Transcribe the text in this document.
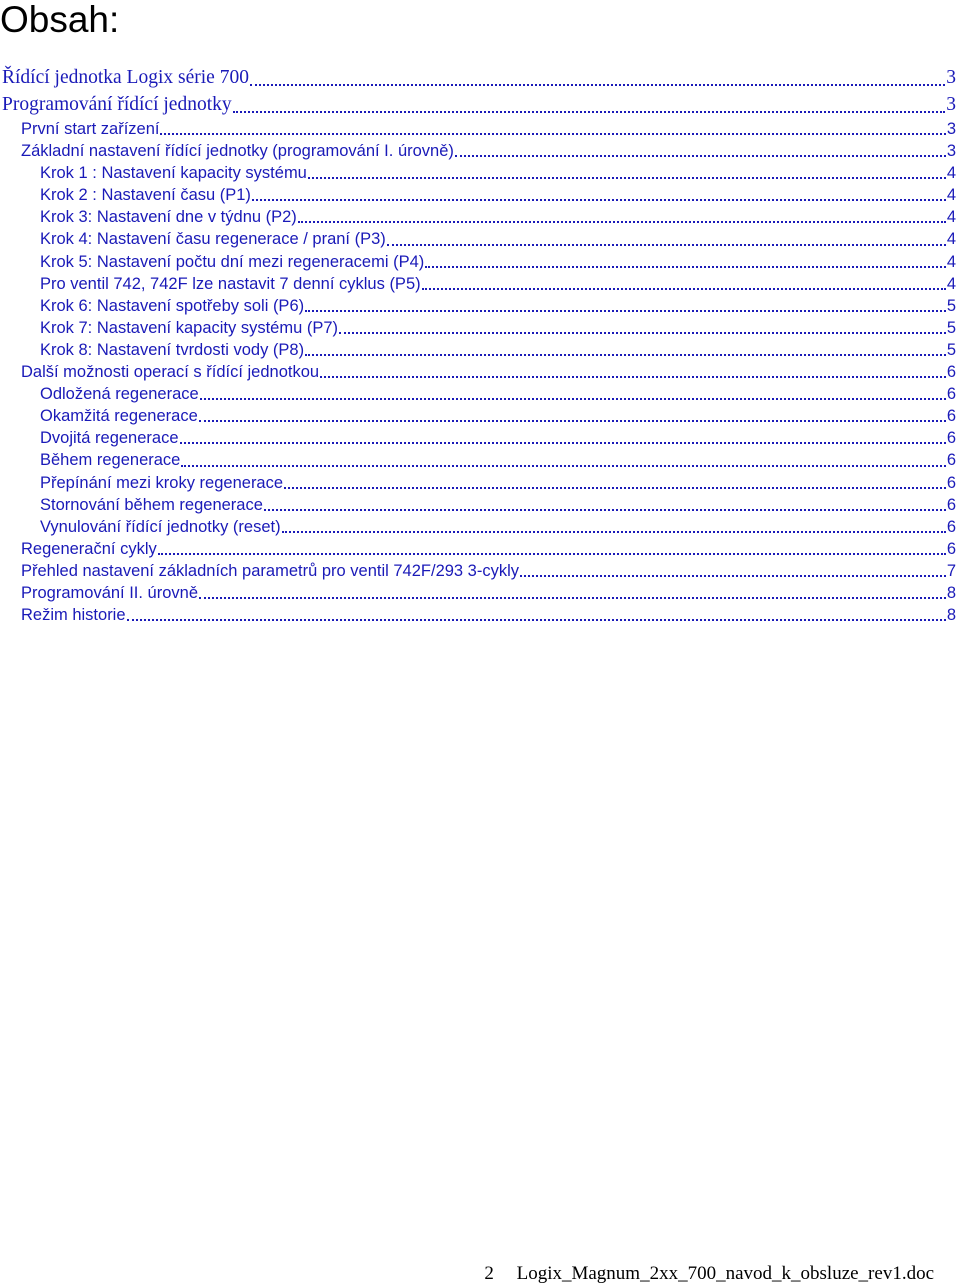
Obsah:
Řídící jednotka Logix série 700	3
Programování řídící jednotky	3
První start zařízení	3
Základní nastavení řídící jednotky (programování I. úrovně)	3
Krok 1 : Nastavení kapacity systému	4
Krok 2 : Nastavení času (P1)	4
Krok 3: Nastavení dne v týdnu (P2)	4
Krok 4: Nastavení času regenerace / praní (P3)	4
Krok 5: Nastavení počtu dní mezi regeneracemi (P4)	4
Pro ventil 742, 742F lze nastavit 7 denní cyklus (P5)	4
Krok 6: Nastavení spotřeby soli (P6)	5
Krok 7: Nastavení kapacity systému (P7)	5
Krok 8: Nastavení tvrdosti vody (P8)	5
Další možnosti operací s řídící jednotkou	6
Odložená regenerace	6
Okamžitá regenerace	6
Dvojitá regenerace	6
Během regenerace	6
Přepínání mezi kroky regenerace	6
Stornování během regenerace	6
Vynulování řídící jednotky (reset)	6
Regenerační cykly	6
Přehled nastavení základních parametrů pro ventil 742F/293 3-cykly	7
Programování II. úrovně	8
Režim historie	8
2 Logix_Magnum_2xx_700_navod_k_obsluze_rev1.doc
